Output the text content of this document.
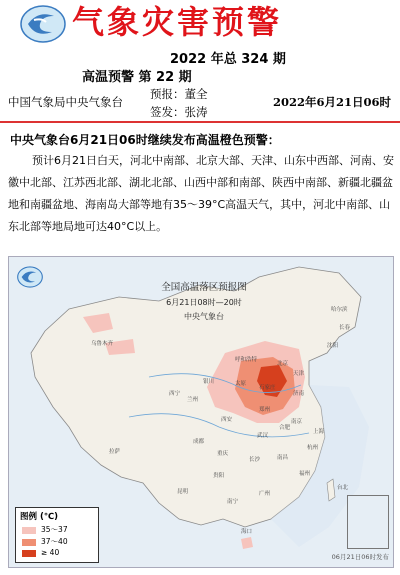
气象灾害预警
2022 年总 324 期
高温预警 第 22 期
中国气象局中央气象台
预报：董全
签发：张涛
2022年6月21日06时
中央气象台6月21日06时继续发布高温橙色预警：
预计6月21日白天，河北中南部、北京大部、天津、山东中西部、河南、安徽中北部、江苏西北部、湖北北部、山西中部和南部、陕西中南部、新疆北疆盆地和南疆盆地、海南岛大部等地有35～39°C高温天气，其中，河北中南部、山东北部等地局地可达40°C以上。
全国高温落区预报图
6月21日08时—20时
中央气象台
乌鲁木齐
北京
天津
太原
石家庄
济南
郑州
西安
武汉
兰州
拉萨
成都
重庆
长沙
南京
上海
杭州
福州
广州
南宁
昆明
贵阳
合肥
南昌
海口
台北
沈阳
长春
哈尔滨
呼和浩特
银川
西宁
图例 (℃)
35～37
37～40
≥ 40	06月21日06时发布
